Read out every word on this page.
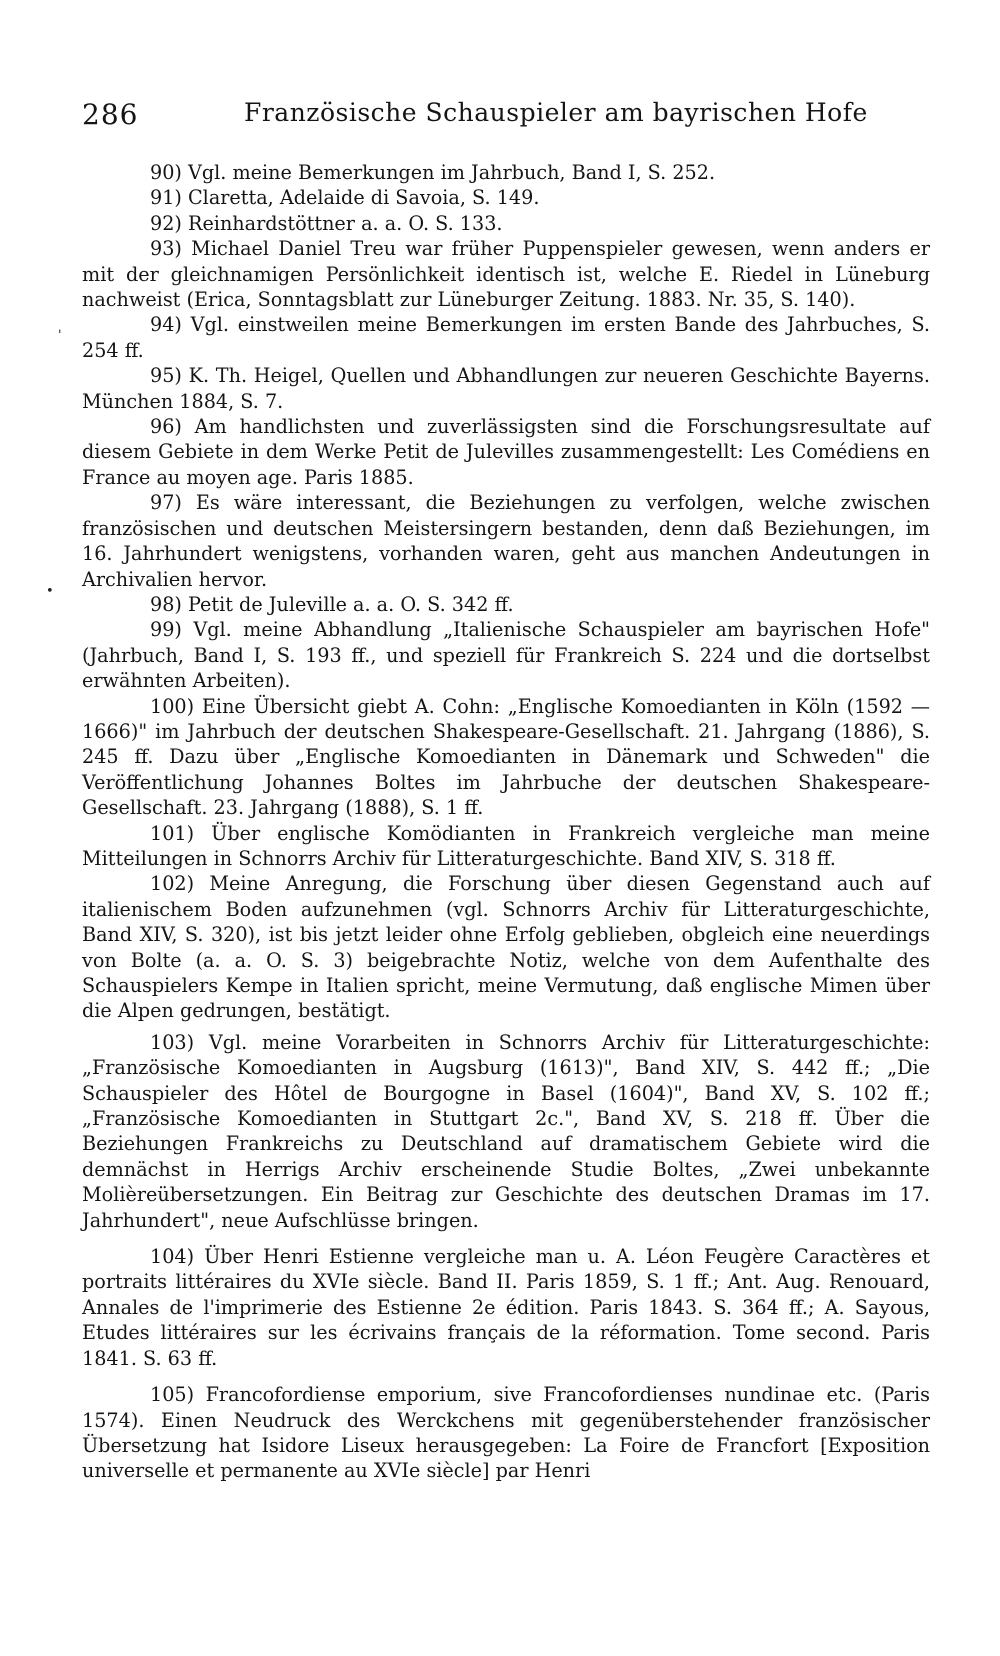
286	Französische Schauspieler am bayrischen Hofe

90) Vgl. meine Bemerkungen im Jahrbuch, Band I, S. 252.

91) Claretta, Adelaide di Savoia, S. 149.

92) Reinhardstöttner a. a. O. S. 133.

93) Michael Daniel Treu war früher Puppenspieler gewesen, wenn anders er mit der gleichnamigen Persönlichkeit identisch ist, welche E. Riedel in Lüneburg nachweist (Erica, Sonntagsblatt zur Lüneburger Zeitung. 1883. Nr. 35, S. 140).

94) Vgl. einstweilen meine Bemerkungen im ersten Bande des Jahrbuches, S. 254 ff.

95) K. Th. Heigel, Quellen und Abhandlungen zur neueren Geschichte Bayerns. München 1884, S. 7.

96) Am handlichsten und zuverlässigsten sind die Forschungsresultate auf diesem Gebiete in dem Werke Petit de Julevilles zusammengestellt: Les Comédiens en France au moyen age. Paris 1885.

97) Es wäre interessant, die Beziehungen zu verfolgen, welche zwischen französischen und deutschen Meistersingern bestanden, denn daß Beziehungen, im 16. Jahrhundert wenigstens, vorhanden waren, geht aus manchen Andeutungen in Archivalien hervor.

98) Petit de Juleville a. a. O. S. 342 ff.

99) Vgl. meine Abhandlung „Italienische Schauspieler am bayrischen Hofe" (Jahrbuch, Band I, S. 193 ff., und speziell für Frankreich S. 224 und die dortselbst erwähnten Arbeiten).

100) Eine Übersicht giebt A. Cohn: „Englische Komoedianten in Köln (1592 — 1666)" im Jahrbuch der deutschen Shakespeare-Gesellschaft. 21. Jahrgang (1886), S. 245 ff. Dazu über „Englische Komoedianten in Dänemark und Schweden" die Veröffentlichung Johannes Boltes im Jahrbuche der deutschen Shakespeare-Gesellschaft. 23. Jahrgang (1888), S. 1 ff.

101) Über englische Komödianten in Frankreich vergleiche man meine Mitteilungen in Schnorrs Archiv für Litteraturgeschichte. Band XIV, S. 318 ff.

102) Meine Anregung, die Forschung über diesen Gegenstand auch auf italienischem Boden aufzunehmen (vgl. Schnorrs Archiv für Litteraturgeschichte, Band XIV, S. 320), ist bis jetzt leider ohne Erfolg geblieben, obgleich eine neuerdings von Bolte (a. a. O. S. 3) beigebrachte Notiz, welche von dem Aufenthalte des Schauspielers Kempe in Italien spricht, meine Vermutung, daß englische Mimen über die Alpen gedrungen, bestätigt.

103) Vgl. meine Vorarbeiten in Schnorrs Archiv für Litteraturgeschichte: „Französische Komoedianten in Augsburg (1613)", Band XIV, S. 442 ff.; „Die Schauspieler des Hôtel de Bourgogne in Basel (1604)", Band XV, S. 102 ff.; „Französische Komoedianten in Stuttgart 2c.", Band XV, S. 218 ff. Über die Beziehungen Frankreichs zu Deutschland auf dramatischem Gebiete wird die demnächst in Herrigs Archiv erscheinende Studie Boltes, „Zwei unbekannte Molièreübersetzungen. Ein Beitrag zur Geschichte des deutschen Dramas im 17. Jahrhundert", neue Aufschlüsse bringen.

104) Über Henri Estienne vergleiche man u. A. Léon Feugère Caractères et portraits littéraires du XVIe siècle. Band II. Paris 1859, S. 1 ff.; Ant. Aug. Renouard, Annales de l'imprimerie des Estienne 2e édition. Paris 1843. S. 364 ff.; A. Sayous, Etudes littéraires sur les écrivains français de la réformation. Tome second. Paris 1841. S. 63 ff.

105) Francofordiense emporium, sive Francofordienses nundinae etc. (Paris 1574). Einen Neudruck des Werckchens mit gegenüberstehender französischer Übersetzung hat Isidore Liseux herausgegeben: La Foire de Francfort [Exposition universelle et permanente au XVIe siècle] par Henri

'
•
